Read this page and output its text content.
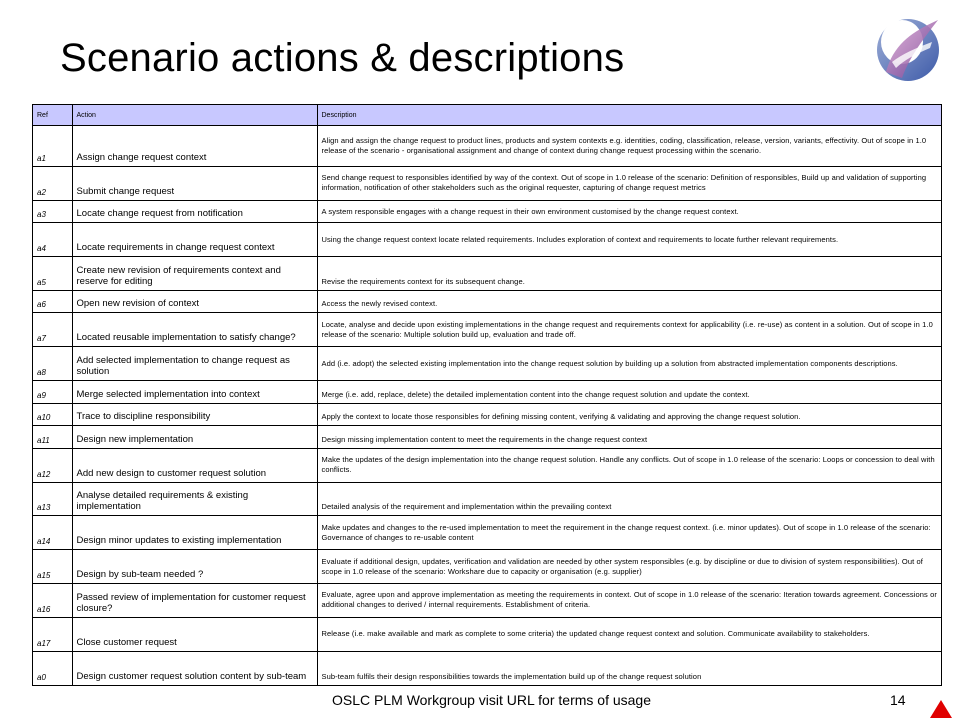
Scenario actions & descriptions
Ref	Action	Description
a1	Assign change request context	Align and assign the change request to product lines, products and system contexts e.g. identities, coding, classification, release, version, variants, effectivity. Out of scope in 1.0 release of the scenario - organisational assignment and change of context during change request processing within the scenario.
a2	Submit change request	Send change request to responsibles identified by way of the context. Out of scope in 1.0 release of the scenario: Definition of responsibles, Build up and validation of supporting information, notification of other stakeholders such as the original requester, capturing of change request metrics
a3	Locate change request from notification	A system responsible engages with a change request in their own environment customised by the change request context.
a4	Locate requirements in change request context	Using the change request context locate related requirements. Includes exploration of context and requirements to locate further relevant requirements.
a5	Create new revision of requirements context and reserve for editing	Revise the requirements context for its subsequent change.
a6	Open new revision of context	Access the newly revised context.
a7	Located reusable implementation to satisfy change?	Locate, analyse and decide upon existing implementations in the change request and requirements context for applicability (i.e. re-use) as content in a solution. Out of scope in 1.0 release of the scenario: Multiple solution build up, evaluation and trade off.
a8	Add selected implementation to change request as solution	Add (i.e. adopt) the selected existing implementation into the change request solution by building up a solution from abstracted implementation components descriptions.
a9	Merge selected implementation into context	Merge (i.e. add, replace, delete) the detailed implementation content into the change request solution and update the context.
a10	Trace to discipline responsibility	Apply the context to locate those responsibles for defining missing content, verifying & validating and approving the change request solution.
a11	Design new implementation	Design missing implementation content to meet the requirements in the change request context
a12	Add new design to customer request solution	Make the updates of the design implementation into the change request solution. Handle any conflicts. Out of scope in 1.0 release of the scenario: Loops or concession to deal with conflicts.
a13	Analyse detailed requirements & existing implementation	Detailed analysis of the requirement and implementation within the prevailing context
a14	Design minor updates to existing implementation	Make updates and changes to the re-used implementation to meet the requirement in the change request context. (i.e. minor updates). Out of scope in 1.0 release of the scenario: Governance of changes to re-usable content
a15	Design by sub-team needed ?	Evaluate if additional design, updates, verification and validation are needed by other system responsibles (e.g. by discipline or due to division of system responsibilities). Out of scope in 1.0 release of the scenario: Workshare due to capacity or organisation (e.g. supplier)
a16	Passed review of implementation for customer request closure?	Evaluate, agree upon and approve implementation as meeting the requirements in context. Out of scope in 1.0 release of the scenario: Iteration towards agreement. Concessions or additional changes to derived / internal requirements. Establishment of criteria.
a17	Close customer request	Release (i.e. make available and mark as complete to some criteria) the updated change request context and solution. Communicate availability to stakeholders.
a0	Design customer request solution content by sub-team	Sub-team fulfils their design responsibilities towards the implementation build up of the change request solution
OSLC PLM Workgroup visit URL for terms of usage	14
